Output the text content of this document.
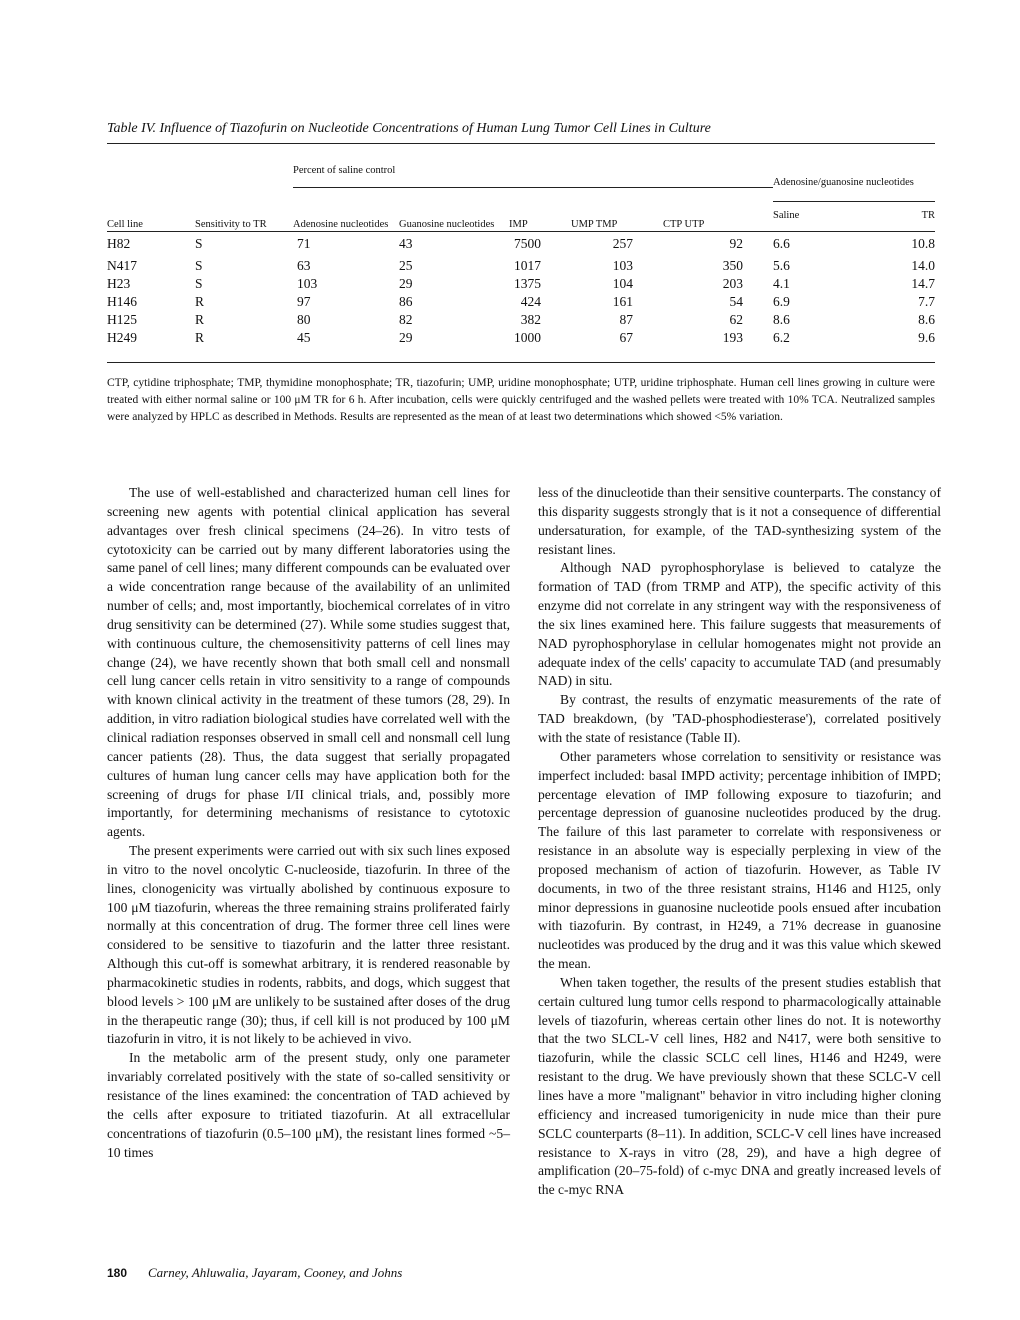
Table IV. Influence of Tiazofurin on Nucleotide Concentrations of Human Lung Tumor Cell Lines in Culture
		Percent of saline control					Adenosine/guanosine nucleotides	

Cell line	Sensitivity to TR	Adenosine nucleotides	Guanosine nucleotides	IMP	UMP TMP	CTP UTP	Saline	TR
H82	S	71	43	7500	257	92	6.6	10.8
N417	S	63	25	1017	103	350	5.6	14.0
H23	S	103	29	1375	104	203	4.1	14.7
H146	R	97	86	424	161	54	6.9	7.7
H125	R	80	82	382	87	62	8.6	8.6
H249	R	45	29	1000	67	193	6.2	9.6
CTP, cytidine triphosphate; TMP, thymidine monophosphate; TR, tiazofurin; UMP, uridine monophosphate; UTP, uridine triphosphate. Human cell lines growing in culture were treated with either normal saline or 100 μM TR for 6 h. After incubation, cells were quickly centrifuged and the washed pellets were treated with 10% TCA. Neutralized samples were analyzed by HPLC as described in Methods. Results are represented as the mean of at least two determinations which showed <5% variation.

The use of well-established and characterized human cell lines for screening new agents with potential clinical application has several advantages over fresh clinical specimens (24–26). In vitro tests of cytotoxicity can be carried out by many different laboratories using the same panel of cell lines; many different compounds can be evaluated over a wide concentration range because of the availability of an unlimited number of cells; and, most importantly, biochemical correlates of in vitro drug sensitivity can be determined (27). While some studies suggest that, with continuous culture, the chemosensitivity patterns of cell lines may change (24), we have recently shown that both small cell and nonsmall cell lung cancer cells retain in vitro sensitivity to a range of compounds with known clinical activity in the treatment of these tumors (28, 29). In addition, in vitro radiation biological studies have correlated well with the clinical radiation responses observed in small cell and nonsmall cell lung cancer patients (28). Thus, the data suggest that serially propagated cultures of human lung cancer cells may have application both for the screening of drugs for phase I/II clinical trials, and, possibly more importantly, for determining mechanisms of resistance to cytotoxic agents.

The present experiments were carried out with six such lines exposed in vitro to the novel oncolytic C-nucleoside, tiazofurin. In three of the lines, clonogenicity was virtually abolished by continuous exposure to 100 μM tiazofurin, whereas the three remaining strains proliferated fairly normally at this concentration of drug. The former three cell lines were considered to be sensitive to tiazofurin and the latter three resistant. Although this cut-off is somewhat arbitrary, it is rendered reasonable by pharmacokinetic studies in rodents, rabbits, and dogs, which suggest that blood levels > 100 μM are unlikely to be sustained after doses of the drug in the therapeutic range (30); thus, if cell kill is not produced by 100 μM tiazofurin in vitro, it is not likely to be achieved in vivo.

In the metabolic arm of the present study, only one parameter invariably correlated positively with the state of so-called sensitivity or resistance of the lines examined: the concentration of TAD achieved by the cells after exposure to tritiated tiazofurin. At all extracellular concentrations of tiazofurin (0.5–100 μM), the resistant lines formed ~5–10 times

less of the dinucleotide than their sensitive counterparts. The constancy of this disparity suggests strongly that is it not a consequence of differential undersaturation, for example, of the TAD-synthesizing system of the resistant lines.

Although NAD pyrophosphorylase is believed to catalyze the formation of TAD (from TRMP and ATP), the specific activity of this enzyme did not correlate in any stringent way with the responsiveness of the six lines examined here. This failure suggests that measurements of NAD pyrophosphorylase in cellular homogenates might not provide an adequate index of the cells' capacity to accumulate TAD (and presumably NAD) in situ.

By contrast, the results of enzymatic measurements of the rate of TAD breakdown, (by 'TAD-phosphodiesterase'), correlated positively with the state of resistance (Table II).

Other parameters whose correlation to sensitivity or resistance was imperfect included: basal IMPD activity; percentage inhibition of IMPD; percentage elevation of IMP following exposure to tiazofurin; and percentage depression of guanosine nucleotides produced by the drug. The failure of this last parameter to correlate with responsiveness or resistance in an absolute way is especially perplexing in view of the proposed mechanism of action of tiazofurin. However, as Table IV documents, in two of the three resistant strains, H146 and H125, only minor depressions in guanosine nucleotide pools ensued after incubation with tiazofurin. By contrast, in H249, a 71% decrease in guanosine nucleotides was produced by the drug and it was this value which skewed the mean.

When taken together, the results of the present studies establish that certain cultured lung tumor cells respond to pharmacologically attainable levels of tiazofurin, whereas certain other lines do not. It is noteworthy that the two SLCL-V cell lines, H82 and N417, were both sensitive to tiazofurin, while the classic SCLC cell lines, H146 and H249, were resistant to the drug. We have previously shown that these SCLC-V cell lines have a more "malignant" behavior in vitro including higher cloning efficiency and increased tumorigenicity in nude mice than their pure SCLC counterparts (8–11). In addition, SCLC-V cell lines have increased resistance to X-rays in vitro (28, 29), and have a high degree of amplification (20–75-fold) of c-myc DNA and greatly increased levels of the c-myc RNA

180 Carney, Ahluwalia, Jayaram, Cooney, and Johns
